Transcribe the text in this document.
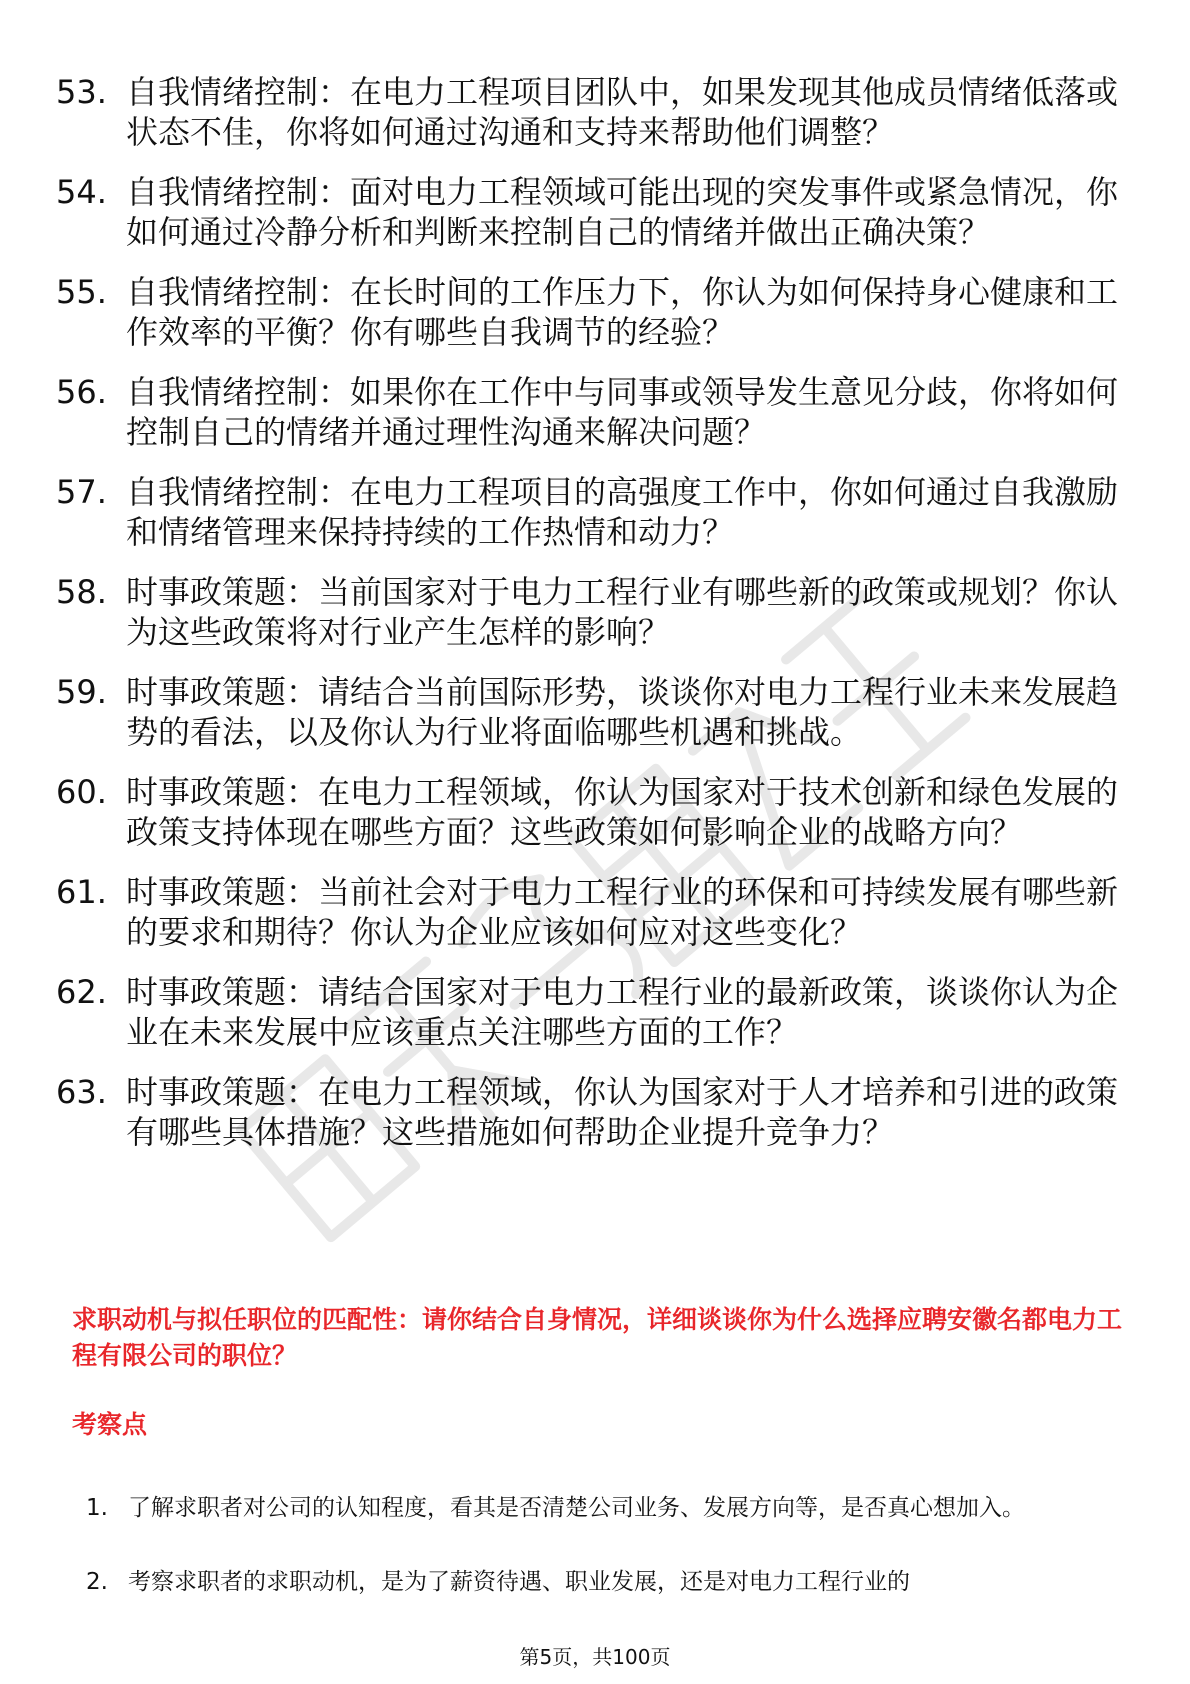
53. 自我情绪控制：在电力工程项目团队中，如果发现其他成员情绪低落或状态不佳，你将如何通过沟通和支持来帮助他们调整？
54. 自我情绪控制：面对电力工程领域可能出现的突发事件或紧急情况，你如何通过冷静分析和判断来控制自己的情绪并做出正确决策？
55. 自我情绪控制：在长时间的工作压力下，你认为如何保持身心健康和工作效率的平衡？你有哪些自我调节的经验？
56. 自我情绪控制：如果你在工作中与同事或领导发生意见分歧，你将如何控制自己的情绪并通过理性沟通来解决问题？
57. 自我情绪控制：在电力工程项目的高强度工作中，你如何通过自我激励和情绪管理来保持持续的工作热情和动力？
58. 时事政策题：当前国家对于电力工程行业有哪些新的政策或规划？你认为这些政策将对行业产生怎样的影响？
59. 时事政策题：请结合当前国际形势，谈谈你对电力工程行业未来发展趋势的看法，以及你认为行业将面临哪些机遇和挑战。
60. 时事政策题：在电力工程领域，你认为国家对于技术创新和绿色发展的政策支持体现在哪些方面？这些政策如何影响企业的战略方向？
61. 时事政策题：当前社会对于电力工程行业的环保和可持续发展有哪些新的要求和期待？你认为企业应该如何应对这些变化？
62. 时事政策题：请结合国家对于电力工程行业的最新政策，谈谈你认为企业在未来发展中应该重点关注哪些方面的工作？
63. 时事政策题：在电力工程领域，你认为国家对于人才培养和引进的政策有哪些具体措施？这些措施如何帮助企业提升竞争力？
求职动机与拟任职位的匹配性：请你结合自身情况，详细谈谈你为什么选择应聘安徽名都电力工程有限公司的职位？
考察点
1. 了解求职者对公司的认知程度，看其是否清楚公司业务、发展方向等，是否真心想加入。
2. 考察求职者的求职动机，是为了薪资待遇、职业发展，还是对电力工程行业的
第5页，共100页
